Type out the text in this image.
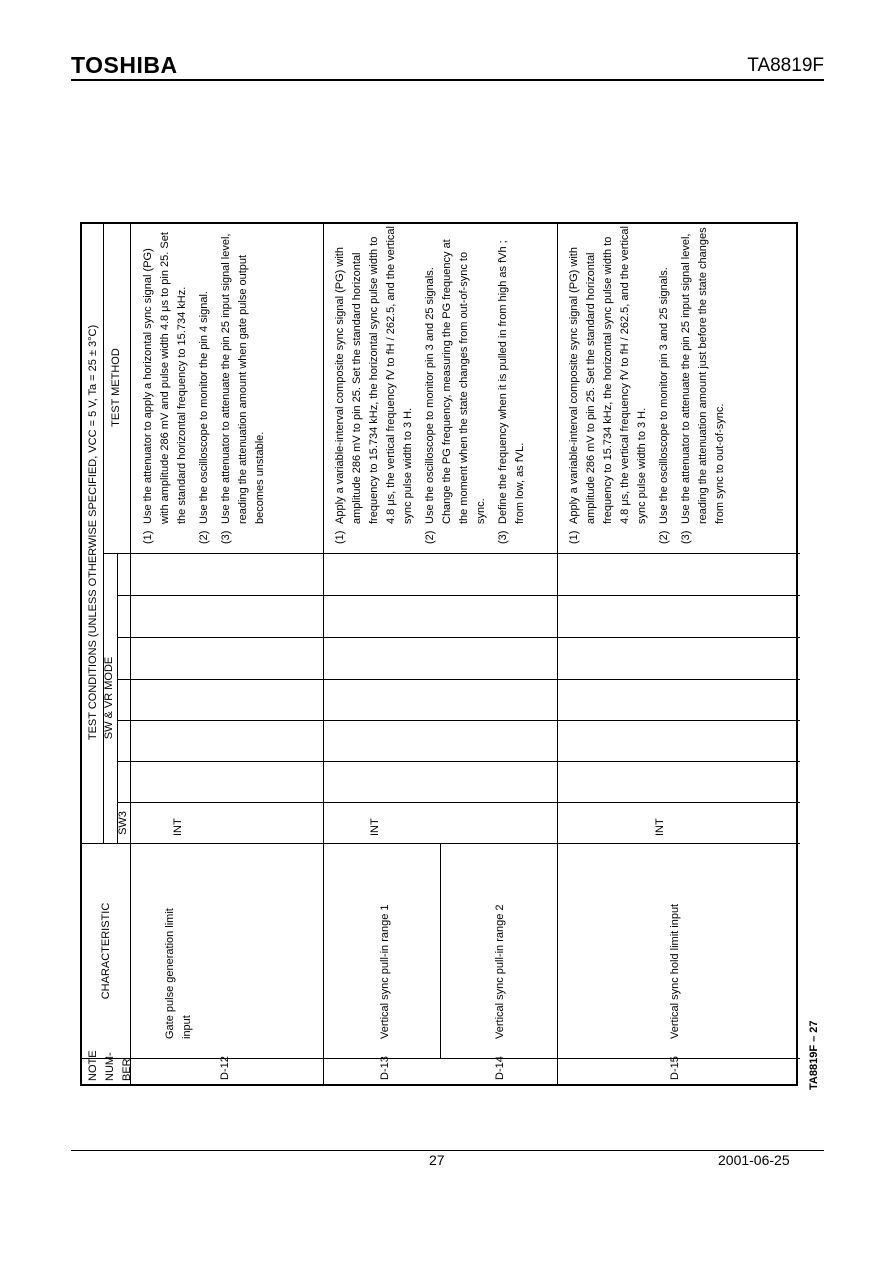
TOSHIBA	TA8819F
NOTE NUM- BER
CHARACTERISTIC
TEST CONDITIONS (UNLESS OTHERWISE SPECIFIED, VCC = 5 V, Ta = 25 ± 3°C) SW & VR MODE
SW3
TEST METHOD
D-12
Gate pulse generation limit input
INT
(1)
Use the attenuator to apply a horizontal sync signal (PG) with amplitude 286 mV and pulse width 4.8 μs to pin 25. Set the standard horizontal frequency to 15.734 kHz.
(2)
Use the oscilloscope to monitor the pin 4 signal.
(3)
Use the attenuator to attenuate the pin 25 input signal level, reading the attenuation amount when gate pulse output becomes unstable.
D-13
Vertical sync pull-in range 1
D-14
Vertical sync pull-in range 2
INT
(1)
Apply a variable-interval composite sync signal (PG) with amplitude 286 mV to pin 25. Set the standard horizontal frequency to 15.734 kHz, the horizontal sync pulse width to 4.8 μs, the vertical frequency fV to fH / 262.5, and the vertical sync pulse width to 3 H.
(2)
Use the oscilloscope to monitor pin 3 and 25 signals. Change the PG frequency, measuring the PG frequency at the moment when the state changes from out-of-sync to sync.
(3)
Define the frequency when it is pulled in from high as fVh ; from low, as fVL.
D-15
Vertical sync hold limit input
INT
(1)
Apply a variable-interval composite sync signal (PG) with amplitude 286 mV to pin 25. Set the standard horizontal frequency to 15.734 kHz, the horizontal sync pulse width to 4.8 μs, the vertical frequency fV to fH / 262.5, and the vertical sync pulse width to 3 H.
(2)
Use the oscilloscope to monitor pin 3 and 25 signals.
(3)
Use the attenuator to attenuate the pin 25 input signal level, reading the attenuation amount just before the state changes from sync to out-of-sync.
TA8819F – 27
27	2001-06-25
